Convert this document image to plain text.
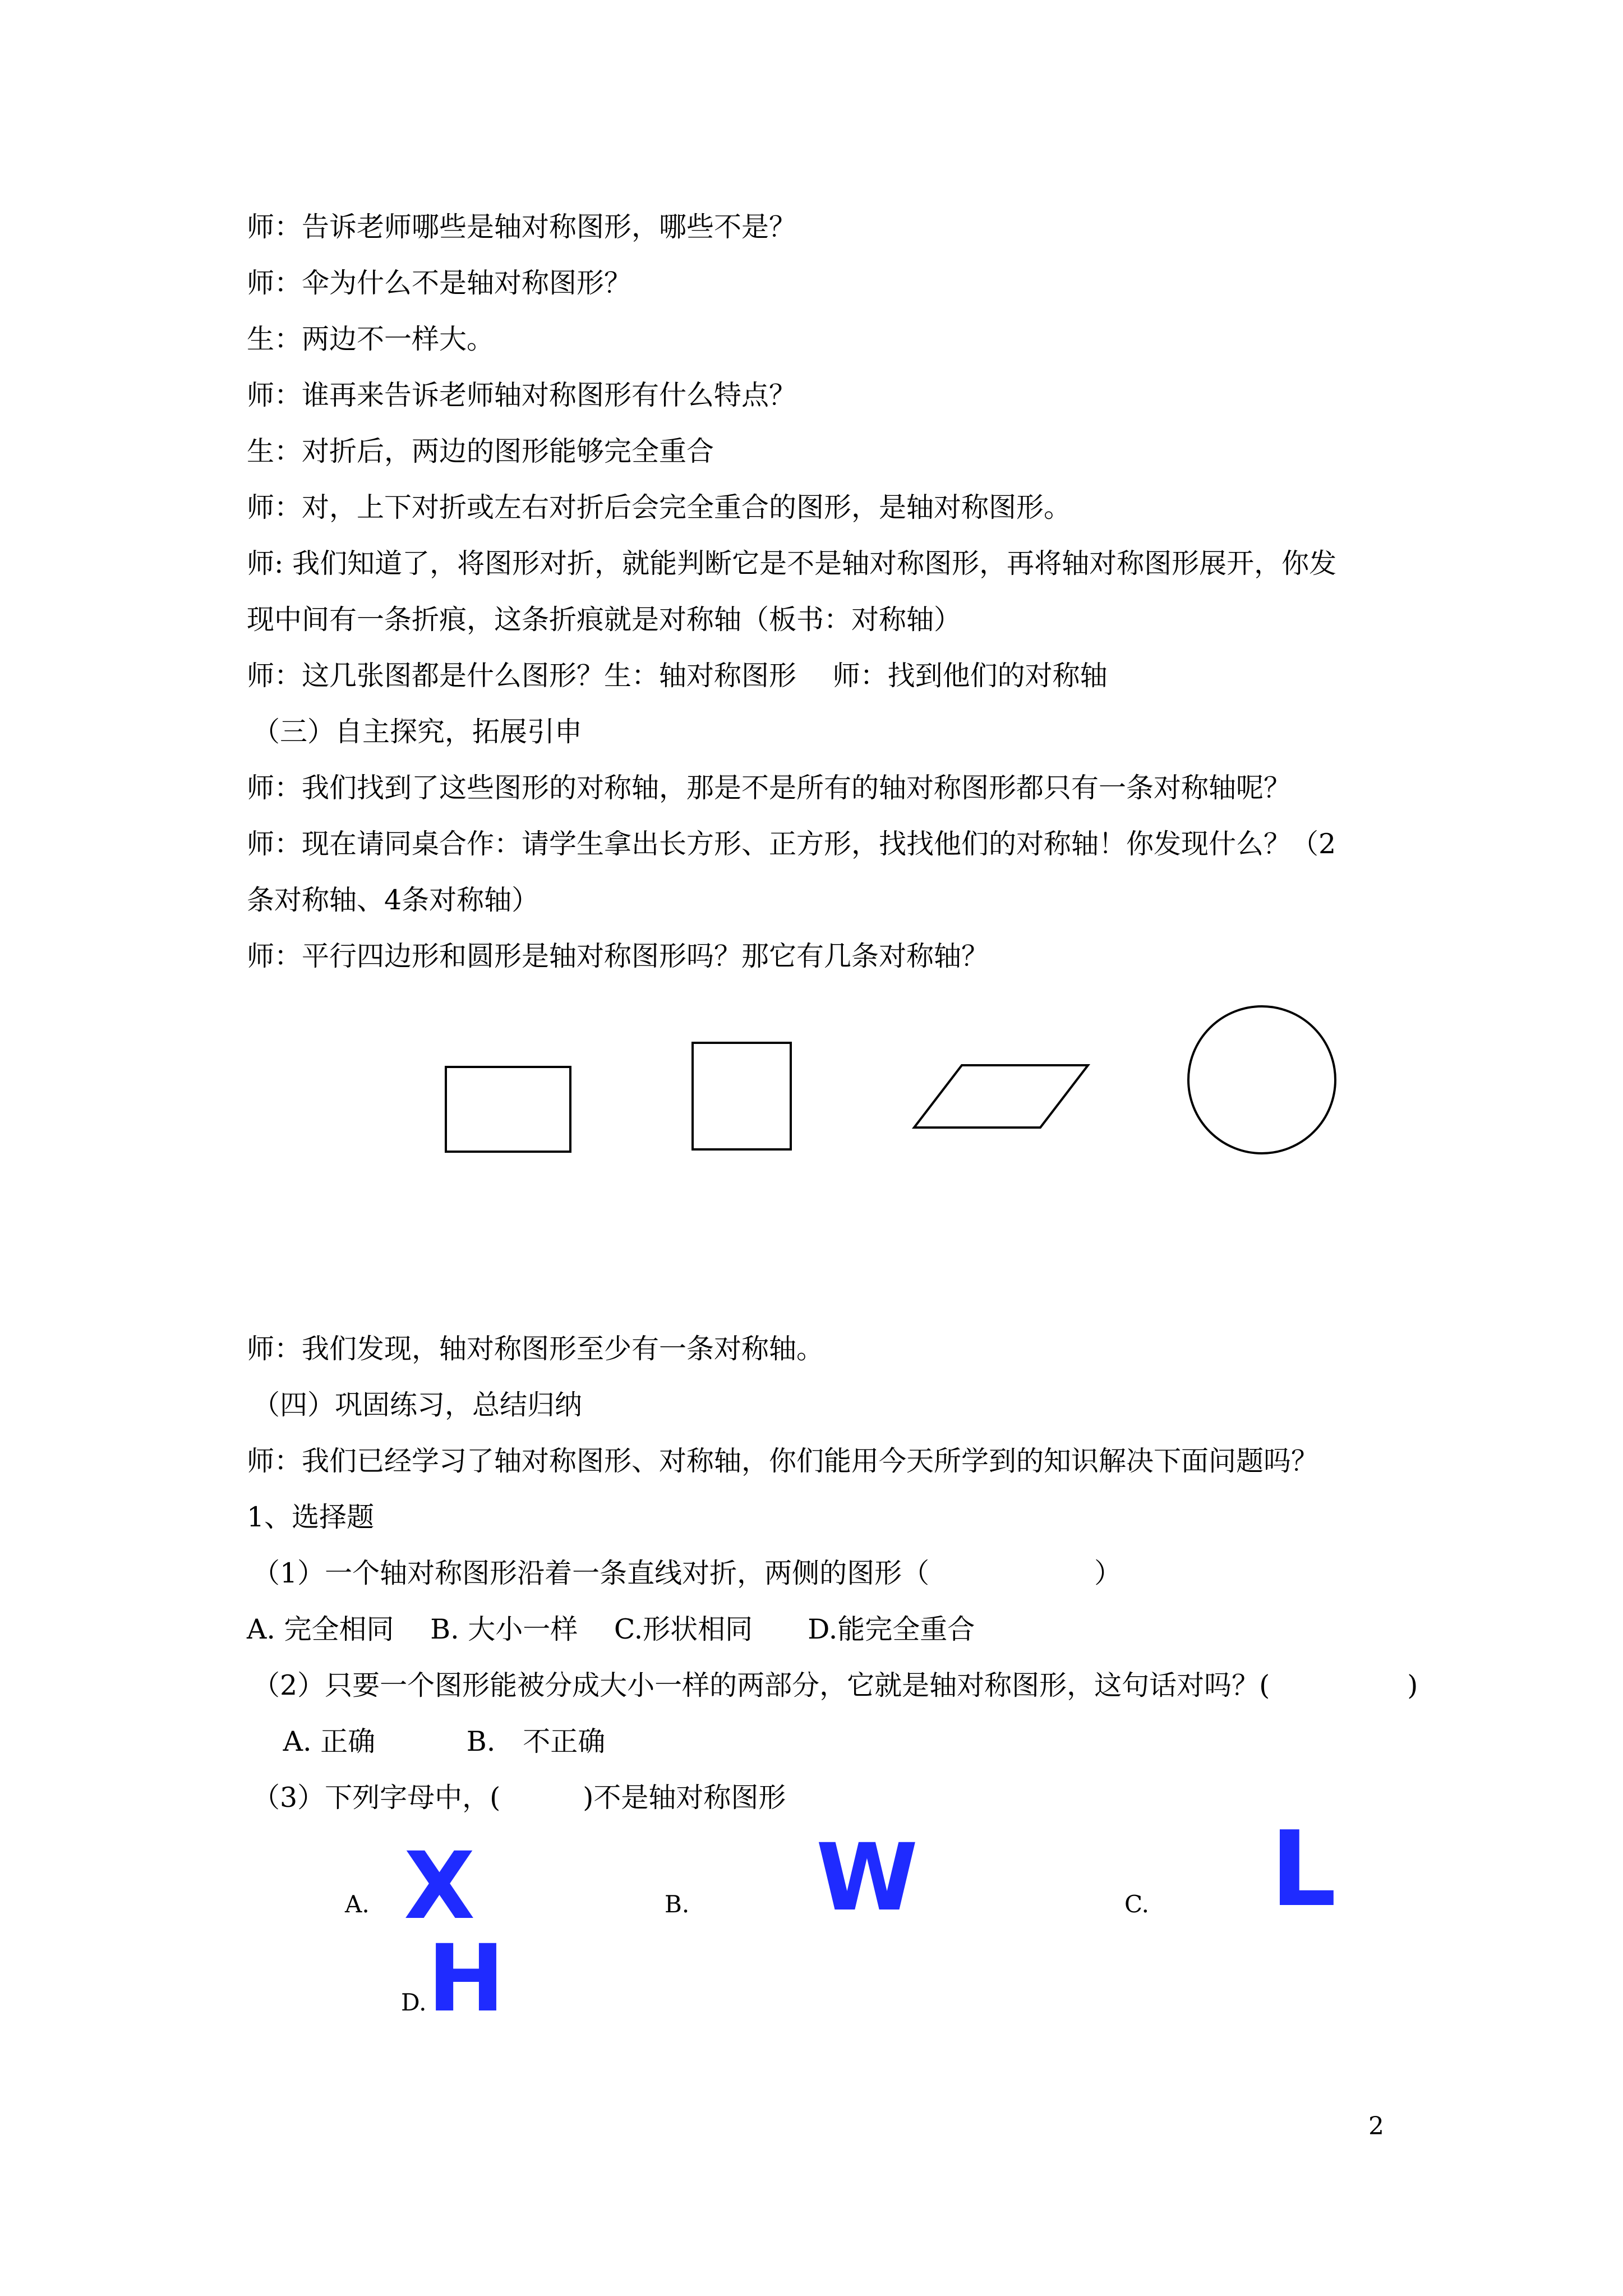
师：告诉老师哪些是轴对称图形，哪些不是？
师：伞为什么不是轴对称图形？
生：两边不一样大。
师：谁再来告诉老师轴对称图形有什么特点？
生：对折后，两边的图形能够完全重合
师：对，上下对折或左右对折后会完全重合的图形，是轴对称图形。
师: 我们知道了，将图形对折，就能判断它是不是轴对称图形，再将轴对称图形展开，你发
现中间有一条折痕，这条折痕就是对称轴（板书：对称轴）
师：这几张图都是什么图形？生：轴对称图形　 师：找到他们的对称轴
（三）自主探究，拓展引申
师：我们找到了这些图形的对称轴，那是不是所有的轴对称图形都只有一条对称轴呢？
师：现在请同桌合作：请学生拿出长方形、正方形，找找他们的对称轴！你发现什么？（2
条对称轴、4条对称轴）
师：平行四边形和圆形是轴对称图形吗？那它有几条对称轴？
师：我们发现，轴对称图形至少有一条对称轴。
（四）巩固练习，总结归纳
师：我们已经学习了轴对称图形、对称轴，你们能用今天所学到的知识解决下面问题吗？
1、选择题
（1）一个轴对称图形沿着一条直线对折，两侧的图形（　　　　　　）
A. 完全相同　 B. 大小一样　 C.形状相同　　D.能完全重合
（2）只要一个图形能被分成大小一样的两部分，它就是轴对称图形，这句话对吗？(　　　　　)
　 A. 正确　　　 B.　不正确
（3）下列字母中，(　　　)不是轴对称图形
A. X	B. W	C. L
D. H
2
